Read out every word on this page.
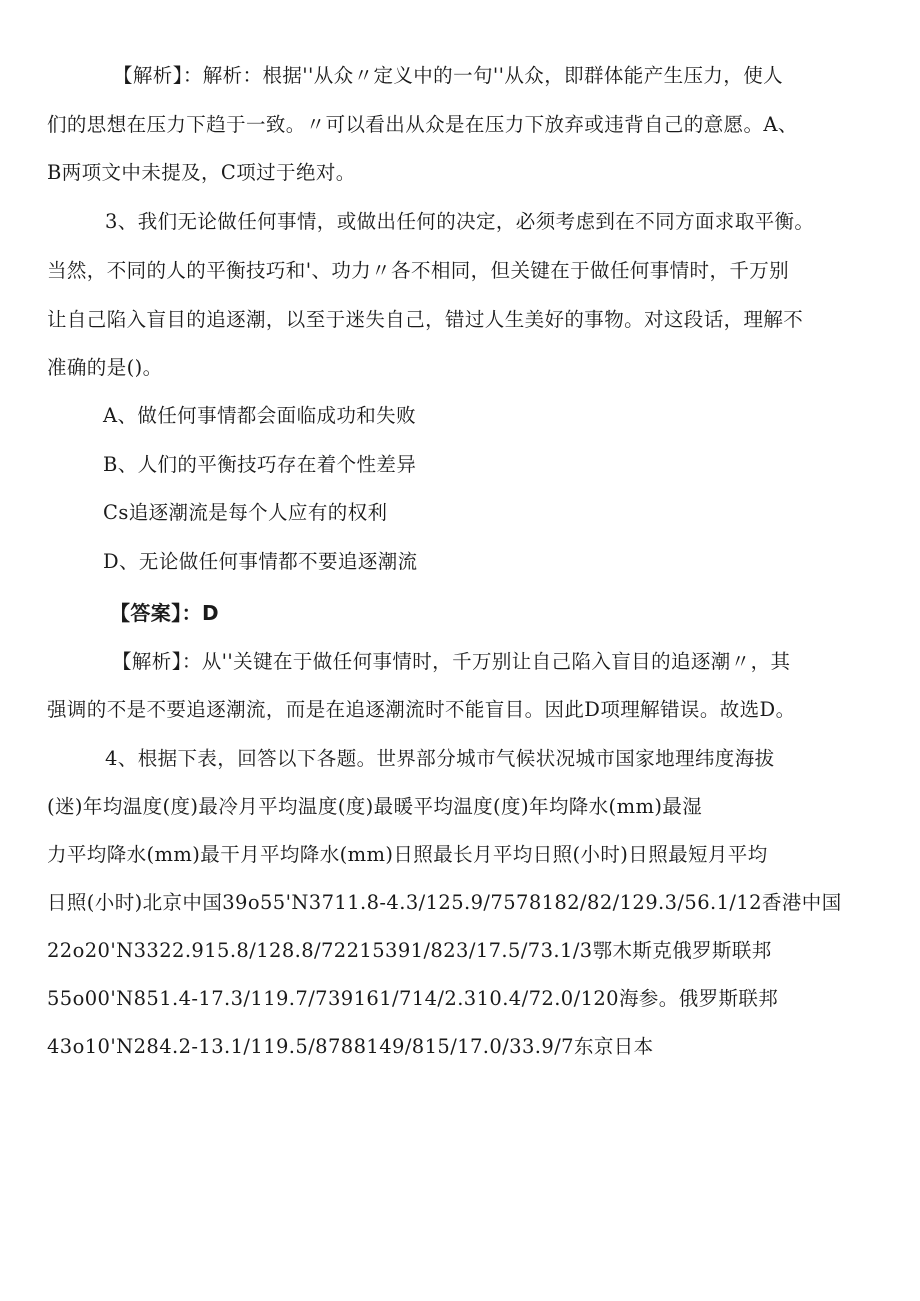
【解析】：解析：根据''从众〃定义中的一句''从众，即群体能产生压力，使人
们的思想在压力下趋于一致。〃可以看出从众是在压力下放弃或违背自己的意愿。A、
B两项文中未提及，C项过于绝对。
3、我们无论做任何事情，或做出任何的决定，必须考虑到在不同方面求取平衡。
当然，不同的人的平衡技巧和'、功力〃各不相同，但关键在于做任何事情时，千万别
让自己陷入盲目的追逐潮，以至于迷失自己，错过人生美好的事物。对这段话，理解不
准确的是()。
A、做任何事情都会面临成功和失败
B、人们的平衡技巧存在着个性差异
Cs追逐潮流是每个人应有的权利
D、无论做任何事情都不要追逐潮流
【答案】：D
【解析】：从''关键在于做任何事情时，千万别让自己陷入盲目的追逐潮〃，其
强调的不是不要追逐潮流，而是在追逐潮流时不能盲目。因此D项理解错误。故选D。
4、根据下表，回答以下各题。世界部分城市气候状况城市国家地理纬度海拔
(迷)年均温度(度)最冷月平均温度(度)最暖平均温度(度)年均降水(mm)最湿
力平均降水(mm)最干月平均降水(mm)日照最长月平均日照(小时)日照最短月平均
日照(小时)北京中国39o55'N3711.8-4.3/125.9/7578182/82/129.3/56.1/12香港中国
22o20'N3322.915.8/128.8/72215391/823/17.5/73.1/3鄂木斯克俄罗斯联邦
55o00'N851.4-17.3/119.7/739161/714/2.310.4/72.0/120海参。俄罗斯联邦
43o10'N284.2-13.1/119.5/8788149/815/17.0/33.9/7东京日本
